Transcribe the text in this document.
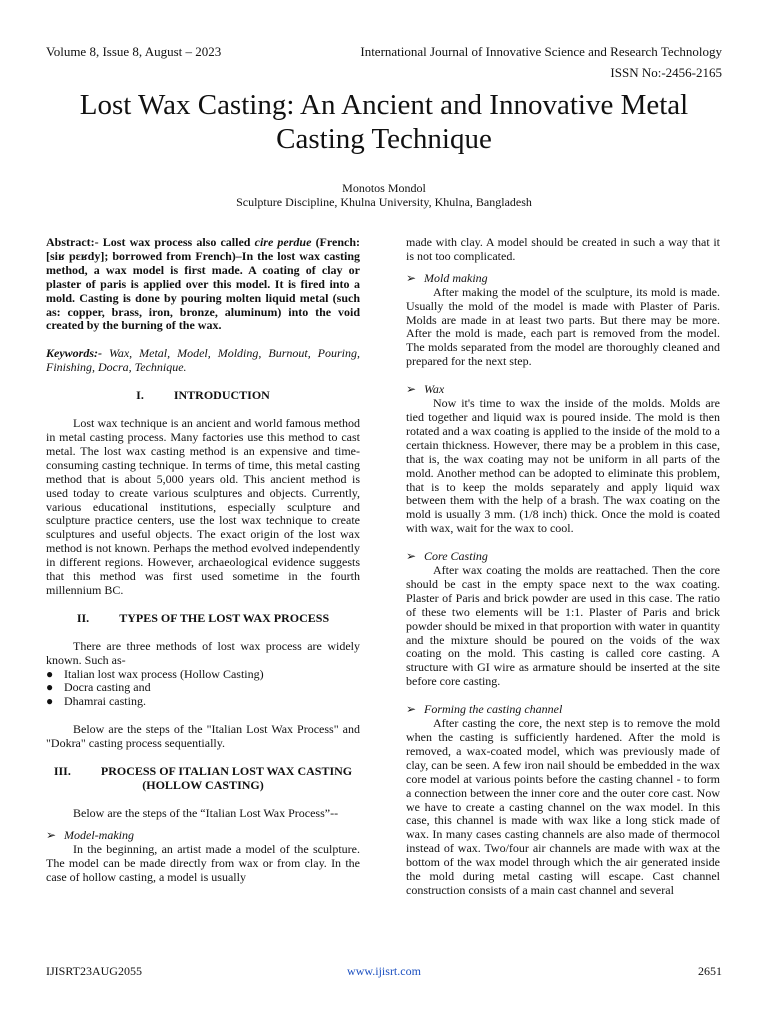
Volume 8, Issue 8, August – 2023	International Journal of Innovative Science and Research Technology
ISSN No:-2456-2165
Lost Wax Casting: An Ancient and Innovative Metal Casting Technique
Monotos Mondol
Sculpture Discipline, Khulna University, Khulna, Bangladesh

Abstract:- Lost wax process also called cire perdue (French: [siʁ pɛʁdy]; borrowed from French)–In the lost wax casting method, a wax model is first made. A coating of clay or plaster of paris is applied over this model. It is fired into a mold. Casting is done by pouring molten liquid metal (such as: copper, brass, iron, bronze, aluminum) into the void created by the burning of the wax.

Keywords:- Wax, Metal, Model, Molding, Burnout, Pouring, Finishing, Docra, Technique.

I.	INTRODUCTION

Lost wax technique is an ancient and world famous method in metal casting process. Many factories use this method to cast metal. The lost wax casting method is an expensive and time-consuming casting technique. In terms of time, this metal casting method that is about 5,000 years old. This ancient method is used today to create various sculptures and objects. Currently, various educational institutions, especially sculpture and sculpture practice centers, use the lost wax technique to create sculptures and useful objects. The exact origin of the lost wax method is not known. Perhaps the method evolved independently in different regions. However, archaeological evidence suggests that this method was first used sometime in the fourth millennium BC.

II.	TYPES OF THE LOST WAX PROCESS

There are three methods of lost wax process are widely known. Such as-

● Italian lost wax process (Hollow Casting)
● Docra casting and
● Dhamrai casting.

Below are the steps of the "Italian Lost Wax Process" and "Dokra" casting process sequentially.

III.	PROCESS OF ITALIAN LOST WAX CASTING

(HOLLOW CASTING)

Below are the steps of the “Italian Lost Wax Process”--

➢ Model-making

In the beginning, an artist made a model of the sculpture. The model can be made directly from wax or from clay. In the case of hollow casting, a model is usually

made with clay. A model should be created in such a way that it is not too complicated.

➢ Mold making

After making the model of the sculpture, its mold is made. Usually the mold of the model is made with Plaster of Paris. Molds are made in at least two parts. But there may be more. After the mold is made, each part is removed from the model. The molds separated from the model are thoroughly cleaned and prepared for the next step.

➢ Wax

Now it's time to wax the inside of the molds. Molds are tied together and liquid wax is poured inside. The mold is then rotated and a wax coating is applied to the inside of the mold to a certain thickness. However, there may be a problem in this case, that is, the wax coating may not be uniform in all parts of the mold. Another method can be adopted to eliminate this problem, that is to keep the molds separately and apply liquid wax between them with the help of a brash. The wax coating on the mold is usually 3 mm. (1/8 inch) thick. Once the mold is coated with wax, wait for the wax to cool.

➢ Core Casting

After wax coating the molds are reattached. Then the core should be cast in the empty space next to the wax coating. Plaster of Paris and brick powder are used in this case. The ratio of these two elements will be 1:1. Plaster of Paris and brick powder should be mixed in that proportion with water in quantity and the mixture should be poured on the voids of the wax coating on the mold. This casting is called core casting. A structure with GI wire as armature should be inserted at the site before core casting.

➢ Forming the casting channel

After casting the core, the next step is to remove the mold when the casting is sufficiently hardened. After the mold is removed, a wax-coated model, which was previously made of clay, can be seen. A few iron nail should be embedded in the wax core model at various points before the casting channel - to form a connection between the inner core and the outer core cast. Now we have to create a casting channel on the wax model. In this case, this channel is made with wax like a long stick made of wax. In many cases casting channels are also made of thermocol instead of wax. Two/four air channels are made with wax at the bottom of the wax model through which the air generated inside the mold during metal casting will escape. Cast channel construction consists of a main cast channel and several

IJISRT23AUG2055	www.ijisrt.com	2651
